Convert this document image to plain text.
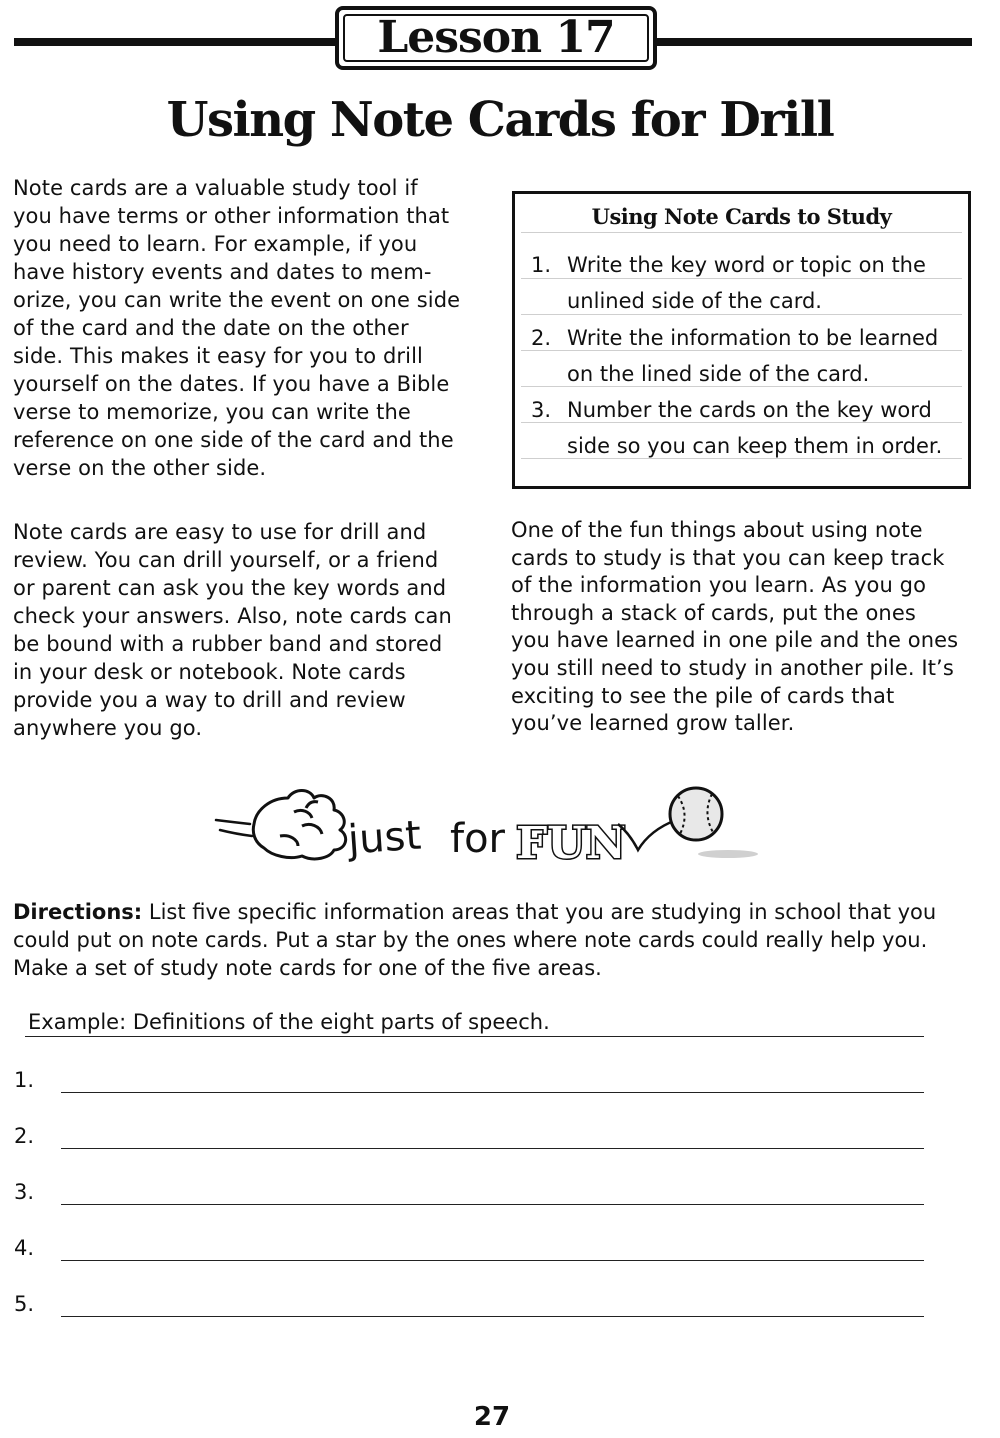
Lesson 17
Using Note Cards for Drill

Note cards are a valuable study tool if
you have terms or other information that
you need to learn. For example, if you
have history events and dates to mem-
orize, you can write the event on one side
of the card and the date on the other
side. This makes it easy for you to drill
yourself on the dates. If you have a Bible
verse to memorize, you can write the
reference on one side of the card and the
verse on the other side.

Using Note Cards to Study
1. Write the key word or topic on the
unlined side of the card.
2. Write the information to be learned
on the lined side of the card.
3. Number the cards on the key word
side so you can keep them in order.

Note cards are easy to use for drill and
review. You can drill yourself, or a friend
or parent can ask you the key words and
check your answers. Also, note cards can
be bound with a rubber band and stored
in your desk or notebook. Note cards
provide you a way to drill and review
anywhere you go.

One of the fun things about using note
cards to study is that you can keep track
of the information you learn. As you go
through a stack of cards, put the ones
you have learned in one pile and the ones
you still need to study in another pile. It’s
exciting to see the pile of cards that
you’ve learned grow taller.

just for FUN

Directions: List five specific information areas that you are studying in school that you
could put on note cards. Put a star by the ones where note cards could really help you.
Make a set of study note cards for one of the five areas.

Example: Definitions of the eight parts of speech.
1.
2.
3.
4.
5.
27
